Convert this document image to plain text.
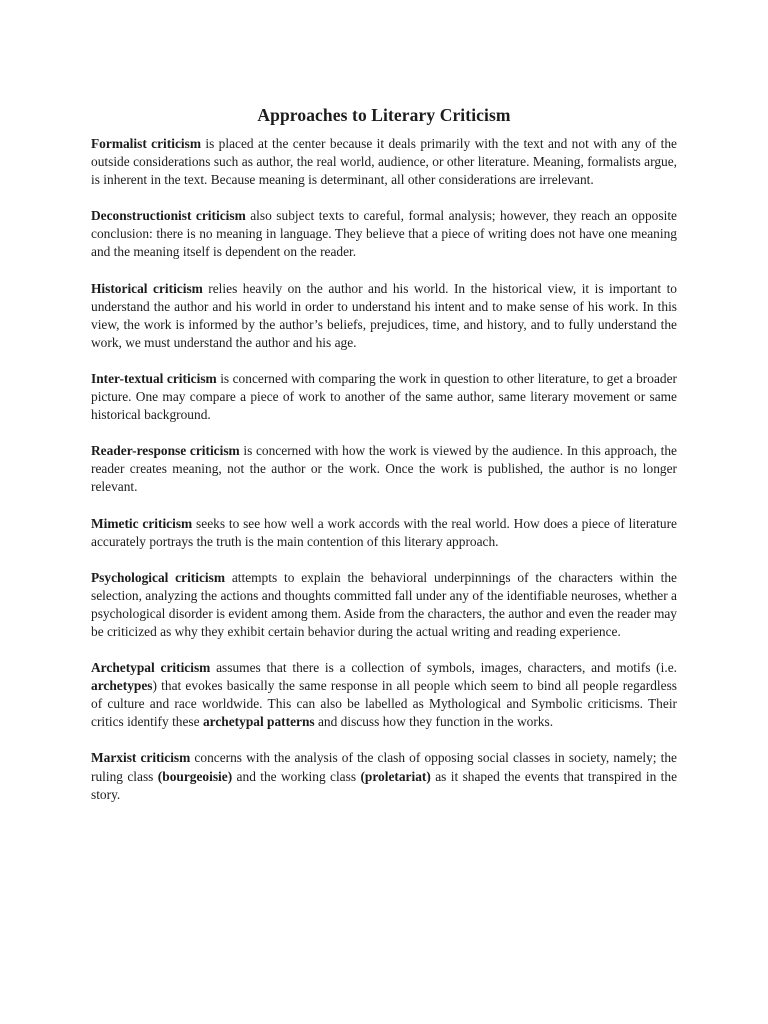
Approaches to Literary Criticism

Formalist criticism is placed at the center because it deals primarily with the text and not with any of the outside considerations such as author, the real world, audience, or other literature. Meaning, formalists argue, is inherent in the text. Because meaning is determinant, all other considerations are irrelevant.

Deconstructionist criticism also subject texts to careful, formal analysis; however, they reach an opposite conclusion: there is no meaning in language. They believe that a piece of writing does not have one meaning and the meaning itself is dependent on the reader.

Historical criticism relies heavily on the author and his world. In the historical view, it is important to understand the author and his world in order to understand his intent and to make sense of his work. In this view, the work is informed by the author’s beliefs, prejudices, time, and history, and to fully understand the work, we must understand the author and his age.

Inter-textual criticism is concerned with comparing the work in question to other literature, to get a broader picture. One may compare a piece of work to another of the same author, same literary movement or same historical background.

Reader-response criticism is concerned with how the work is viewed by the audience. In this approach, the reader creates meaning, not the author or the work. Once the work is published, the author is no longer relevant.

Mimetic criticism seeks to see how well a work accords with the real world. How does a piece of literature accurately portrays the truth is the main contention of this literary approach.

Psychological criticism attempts to explain the behavioral underpinnings of the characters within the selection, analyzing the actions and thoughts committed fall under any of the identifiable neuroses, whether a psychological disorder is evident among them. Aside from the characters, the author and even the reader may be criticized as why they exhibit certain behavior during the actual writing and reading experience.

Archetypal criticism assumes that there is a collection of symbols, images, characters, and motifs (i.e. archetypes) that evokes basically the same response in all people which seem to bind all people regardless of culture and race worldwide. This can also be labelled as Mythological and Symbolic criticisms. Their critics identify these archetypal patterns and discuss how they function in the works.

Marxist criticism concerns with the analysis of the clash of opposing social classes in society, namely; the ruling class (bourgeoisie) and the working class (proletariat) as it shaped the events that transpired in the story.
